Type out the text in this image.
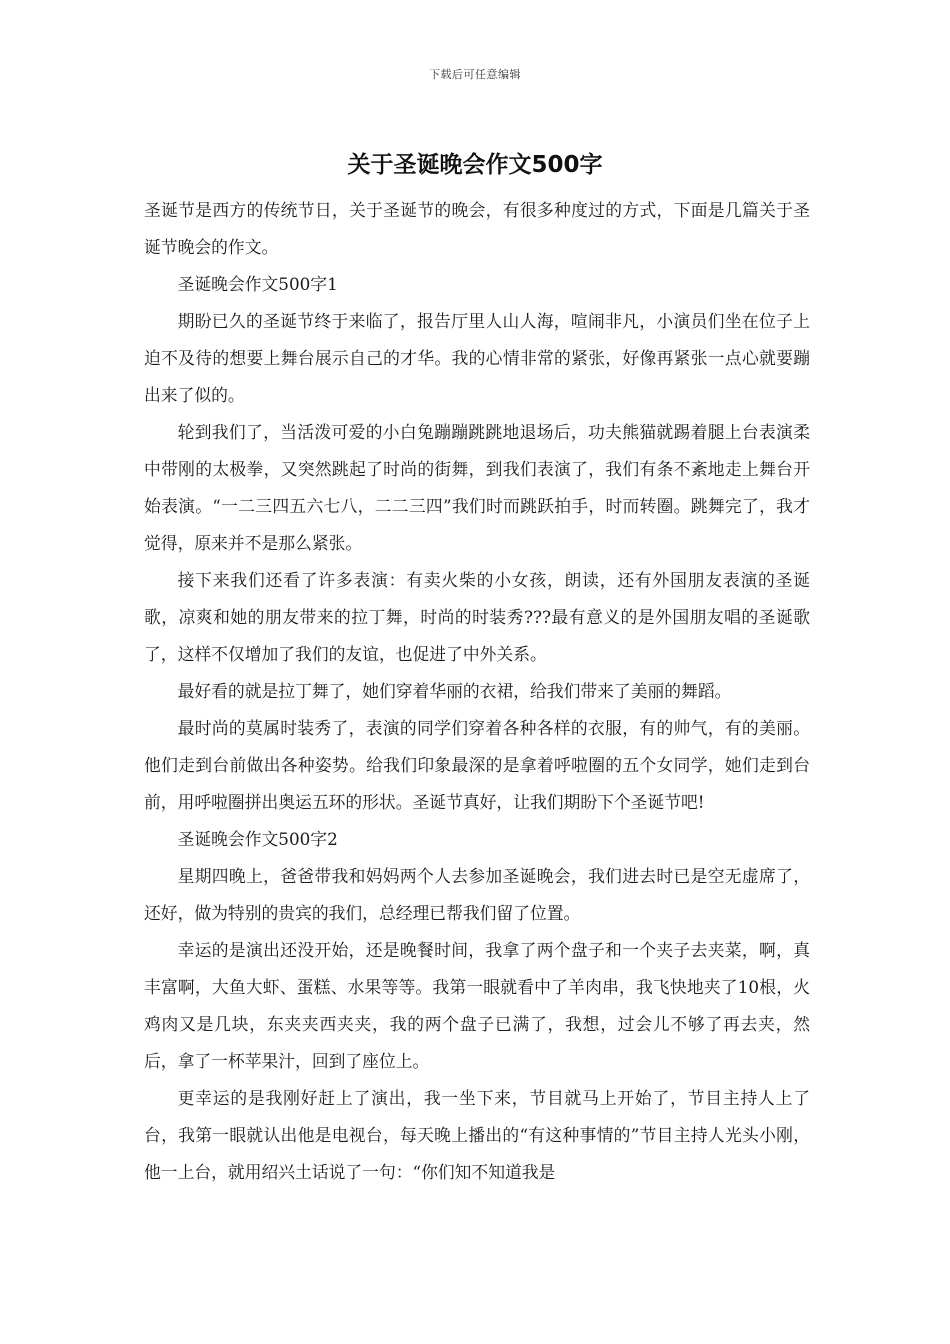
下载后可任意编辑
关于圣诞晚会作文500字

圣诞节是西方的传统节日，关于圣诞节的晚会，有很多种度过的方式，下面是几篇关于圣诞节晚会的作文。

圣诞晚会作文500字1

期盼已久的圣诞节终于来临了，报告厅里人山人海，喧闹非凡，小演员们坐在位子上迫不及待的想要上舞台展示自己的才华。我的心情非常的紧张，好像再紧张一点心就要蹦出来了似的。

轮到我们了，当活泼可爱的小白兔蹦蹦跳跳地退场后，功夫熊猫就踢着腿上台表演柔中带刚的太极拳，又突然跳起了时尚的街舞，到我们表演了，我们有条不紊地走上舞台开始表演。“一二三四五六七八，二二三四”我们时而跳跃拍手，时而转圈。跳舞完了，我才觉得，原来并不是那么紧张。

接下来我们还看了许多表演：有卖火柴的小女孩，朗读，还有外国朋友表演的圣诞歌，凉爽和她的朋友带来的拉丁舞，时尚的时装秀???最有意义的是外国朋友唱的圣诞歌了，这样不仅增加了我们的友谊，也促进了中外关系。

最好看的就是拉丁舞了，她们穿着华丽的衣裙，给我们带来了美丽的舞蹈。

最时尚的莫属时装秀了，表演的同学们穿着各种各样的衣服，有的帅气，有的美丽。他们走到台前做出各种姿势。给我们印象最深的是拿着呼啦圈的五个女同学，她们走到台前，用呼啦圈拼出奥运五环的形状。圣诞节真好，让我们期盼下个圣诞节吧!

圣诞晚会作文500字2

星期四晚上，爸爸带我和妈妈两个人去参加圣诞晚会，我们进去时已是空无虚席了，还好，做为特别的贵宾的我们，总经理已帮我们留了位置。

幸运的是演出还没开始，还是晚餐时间，我拿了两个盘子和一个夹子去夹菜，啊，真丰富啊，大鱼大虾、蛋糕、水果等等。我第一眼就看中了羊肉串，我飞快地夹了10根，火鸡肉又是几块，东夹夹西夹夹，我的两个盘子已满了，我想，过会儿不够了再去夹，然后，拿了一杯苹果汁，回到了座位上。

更幸运的是我刚好赶上了演出，我一坐下来，节目就马上开始了，节目主持人上了台，我第一眼就认出他是电视台，每天晚上播出的“有这种事情的”节目主持人光头小刚，他一上台，就用绍兴土话说了一句：“你们知不知道我是
